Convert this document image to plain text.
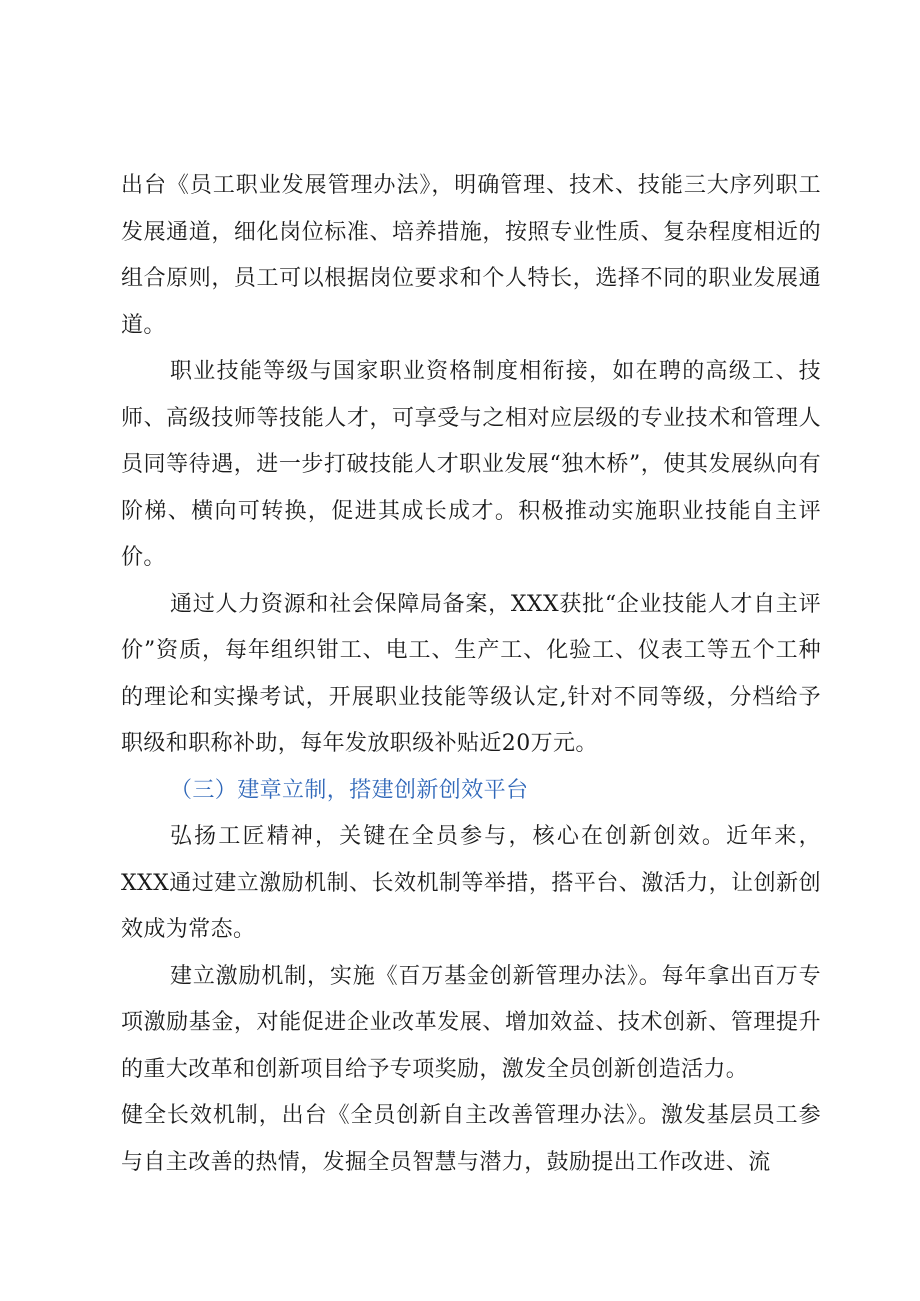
出台《员工职业发展管理办法》，明确管理、技术、技能三大序列职工发展通道，细化岗位标准、培养措施，按照专业性质、复杂程度相近的组合原则，员工可以根据岗位要求和个人特长，选择不同的职业发展通道。

职业技能等级与国家职业资格制度相衔接，如在聘的高级工、技师、高级技师等技能人才，可享受与之相对应层级的专业技术和管理人员同等待遇，进一步打破技能人才职业发展“独木桥”，使其发展纵向有阶梯、横向可转换，促进其成长成才。积极推动实施职业技能自主评价。

通过人力资源和社会保障局备案，XXX获批“企业技能人才自主评价”资质，每年组织钳工、电工、生产工、化验工、仪表工等五个工种的理论和实操考试，开展职业技能等级认定,针对不同等级，分档给予职级和职称补助，每年发放职级补贴近20万元。

（三）建章立制，搭建创新创效平台

弘扬工匠精神，关键在全员参与，核心在创新创效。近年来，XXX通过建立激励机制、长效机制等举措，搭平台、激活力，让创新创效成为常态。

建立激励机制，实施《百万基金创新管理办法》。每年拿出百万专项激励基金，对能促进企业改革发展、增加效益、技术创新、管理提升的重大改革和创新项目给予专项奖励，激发全员创新创造活力。

健全长效机制，出台《全员创新自主改善管理办法》。激发基层员工参与自主改善的热情，发掘全员智慧与潜力，鼓励提出工作改进、流
